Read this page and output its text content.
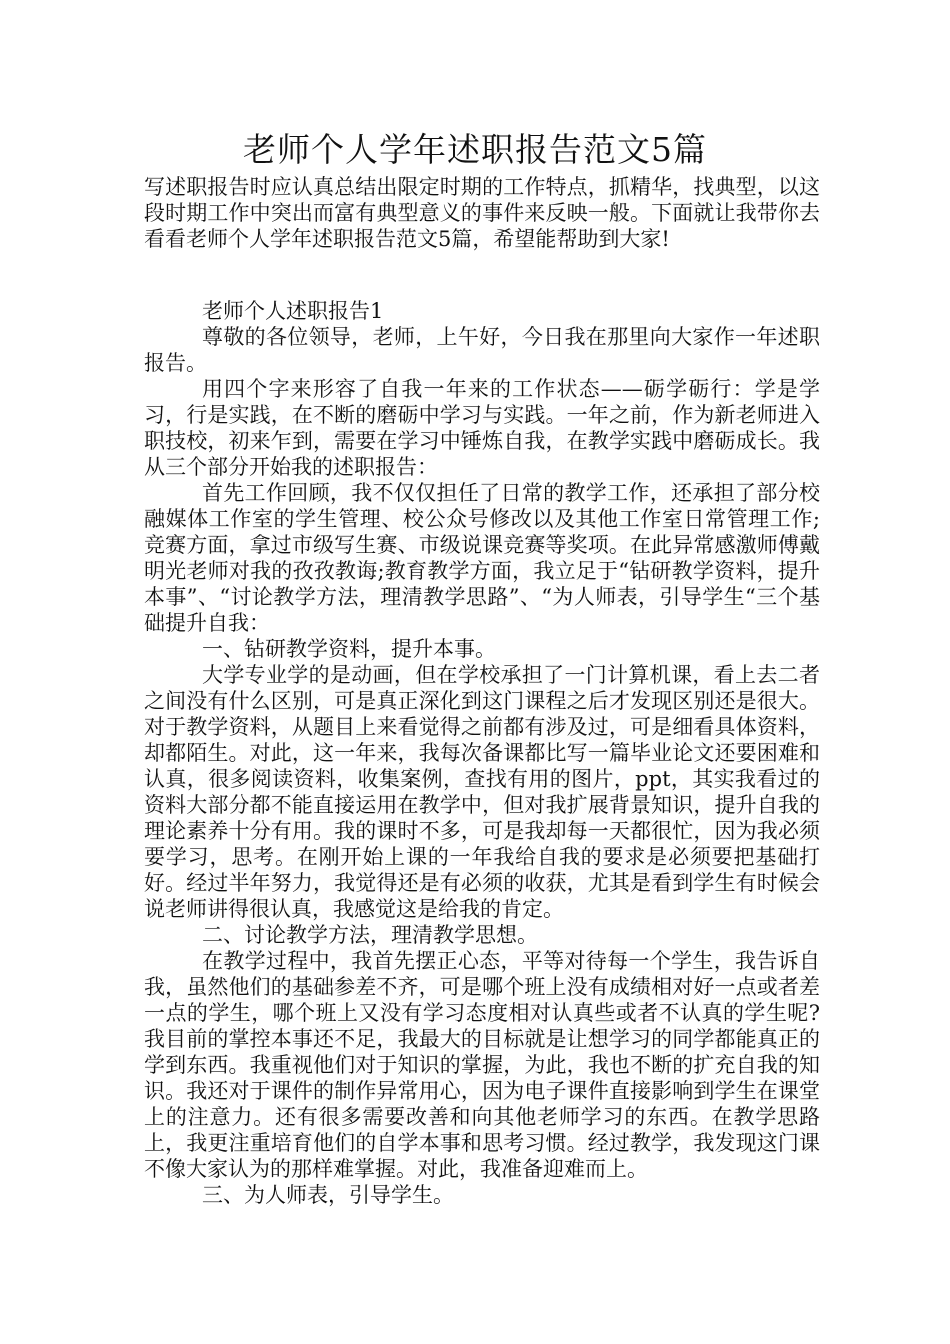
老师个人学年述职报告范文5篇

写述职报告时应认真总结出限定时期的工作特点，抓精华，找典型，以这段时期工作中突出而富有典型意义的事件来反映一般。下面就让我带你去看看老师个人学年述职报告范文5篇，希望能帮助到大家!

老师个人述职报告1

尊敬的各位领导，老师，上午好，今日我在那里向大家作一年述职报告。

用四个字来形容了自我一年来的工作状态——砺学砺行：学是学习，行是实践，在不断的磨砺中学习与实践。一年之前，作为新老师进入职技校，初来乍到，需要在学习中锤炼自我，在教学实践中磨砺成长。我从三个部分开始我的述职报告：

首先工作回顾，我不仅仅担任了日常的教学工作，还承担了部分校融媒体工作室的学生管理、校公众号修改以及其他工作室日常管理工作;竞赛方面，拿过市级写生赛、市级说课竞赛等奖项。在此异常感激师傅戴明光老师对我的孜孜教诲;教育教学方面，我立足于“钻研教学资料，提升本事”、“讨论教学方法，理清教学思路”、“为人师表，引导学生“三个基础提升自我：

一、钻研教学资料，提升本事。

大学专业学的是动画，但在学校承担了一门计算机课，看上去二者之间没有什么区别，可是真正深化到这门课程之后才发现区别还是很大。对于教学资料，从题目上来看觉得之前都有涉及过，可是细看具体资料，却都陌生。对此，这一年来，我每次备课都比写一篇毕业论文还要困难和认真，很多阅读资料，收集案例，查找有用的图片，ppt，其实我看过的资料大部分都不能直接运用在教学中，但对我扩展背景知识，提升自我的理论素养十分有用。我的课时不多，可是我却每一天都很忙，因为我必须要学习，思考。在刚开始上课的一年我给自我的要求是必须要把基础打好。经过半年努力，我觉得还是有必须的收获，尤其是看到学生有时候会说老师讲得很认真，我感觉这是给我的肯定。

二、讨论教学方法，理清教学思想。

在教学过程中，我首先摆正心态，平等对待每一个学生，我告诉自我，虽然他们的基础参差不齐，可是哪个班上没有成绩相对好一点或者差一点的学生，哪个班上又没有学习态度相对认真些或者不认真的学生呢?我目前的掌控本事还不足，我最大的目标就是让想学习的同学都能真正的学到东西。我重视他们对于知识的掌握，为此，我也不断的扩充自我的知识。我还对于课件的制作异常用心，因为电子课件直接影响到学生在课堂上的注意力。还有很多需要改善和向其他老师学习的东西。在教学思路上，我更注重培育他们的自学本事和思考习惯。经过教学，我发现这门课不像大家认为的那样难掌握。对此，我准备迎难而上。

三、为人师表，引导学生。
